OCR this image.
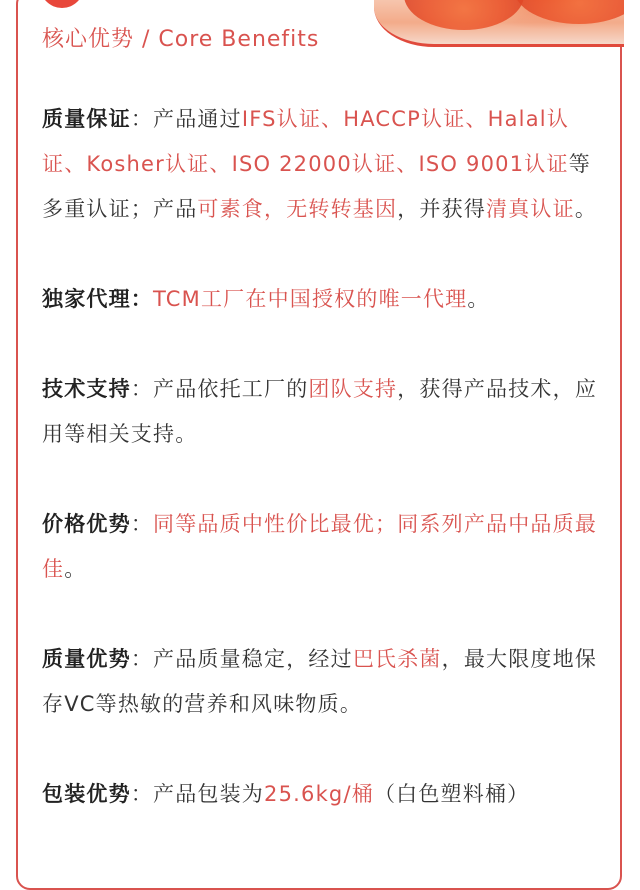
核心优势 / Core Benefits

质量保证：产品通过IFS认证、HACCP认证、Halal认证、Kosher认证、ISO 22000认证、ISO 9001认证等多重认证；产品可素食，无转转基因，并获得清真认证。

独家代理：TCM工厂在中国授权的唯一代理。

技术支持：产品依托工厂的团队支持，获得产品技术，应用等相关支持。

价格优势：同等品质中性价比最优；同系列产品中品质最佳。

质量优势：产品质量稳定，经过巴氏杀菌，最大限度地保存VC等热敏的营养和风味物质。

包装优势：产品包装为25.6kg/桶（白色塑料桶）
